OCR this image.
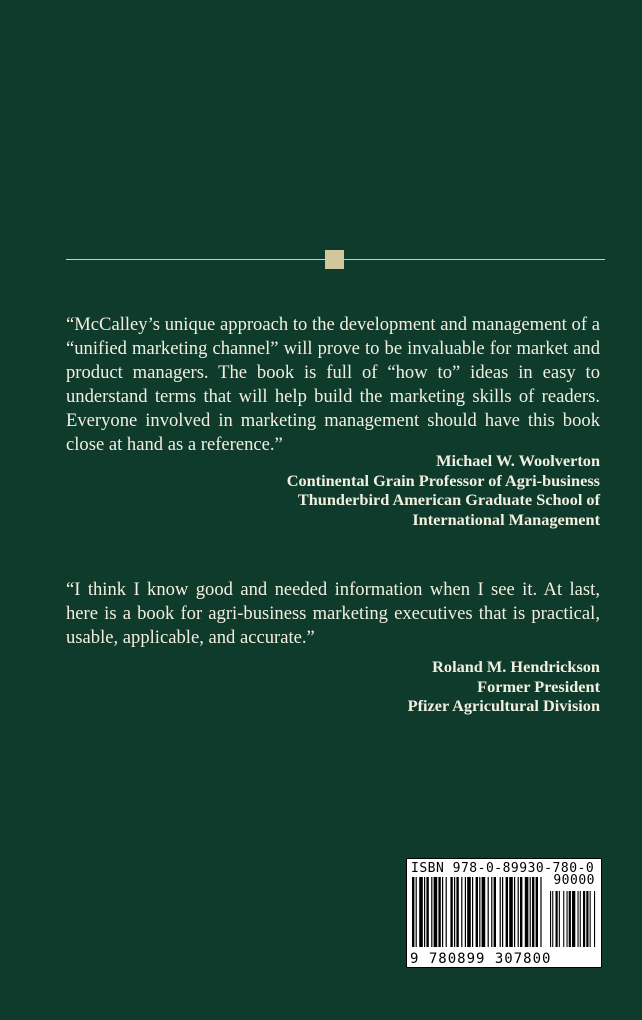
“McCalley’s unique approach to the development and management of a “unified marketing channel” will prove to be invaluable for market and product managers. The book is full of “how to” ideas in easy to understand terms that will help build the marketing skills of readers. Everyone involved in marketing management should have this book close at hand as a reference.”

Michael W. Woolverton
Continental Grain Professor of Agri-business
Thunderbird American Graduate School of
International Management

“I think I know good and needed information when I see it. At last, here is a book for agri-business marketing executives that is practical, usable, applicable, and accurate.”

Roland M. Hendrickson
Former President
Pfizer Agricultural Division
ISBN 978-0-89930-780-0
90000
9 780899 307800
